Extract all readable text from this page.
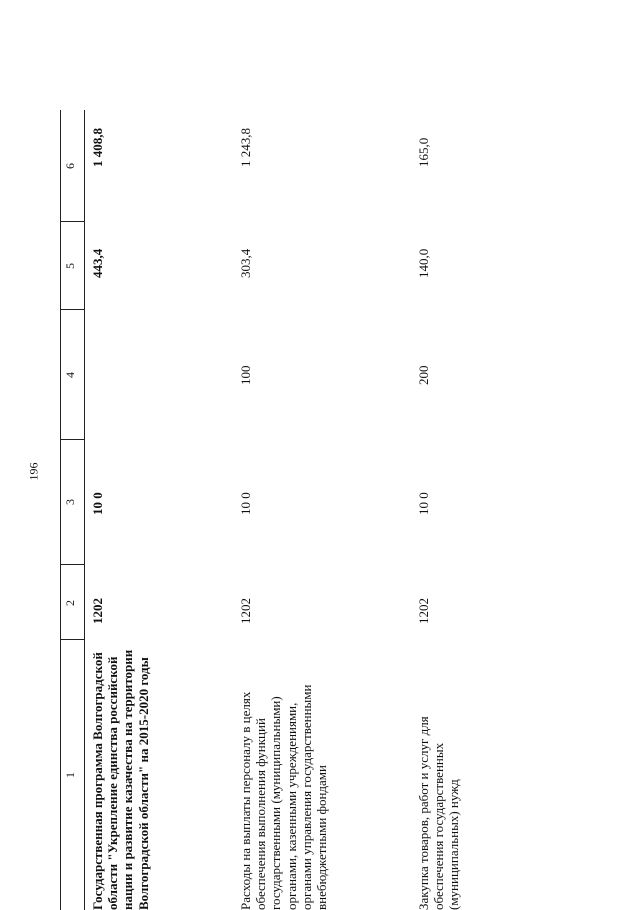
196
1
2
3
4
5
6
Государственная программа Волгоградской области "Укрепление единства российской нации и развитие казачества на территории Волгоградской области" на 2015-2020 годы
1202
10 0
443,4
1 408,8
Расходы на выплаты персоналу в целях обеспечения выполнения функций государственными (муниципальными) органами, казенными учреждениями, органами управления государственными внебюджетными фондами
1202
10 0
100
303,4
1 243,8
Закупка товаров, работ и услуг для обеспечения государственных (муниципальных) нужд
1202
10 0
200
140,0
165,0
